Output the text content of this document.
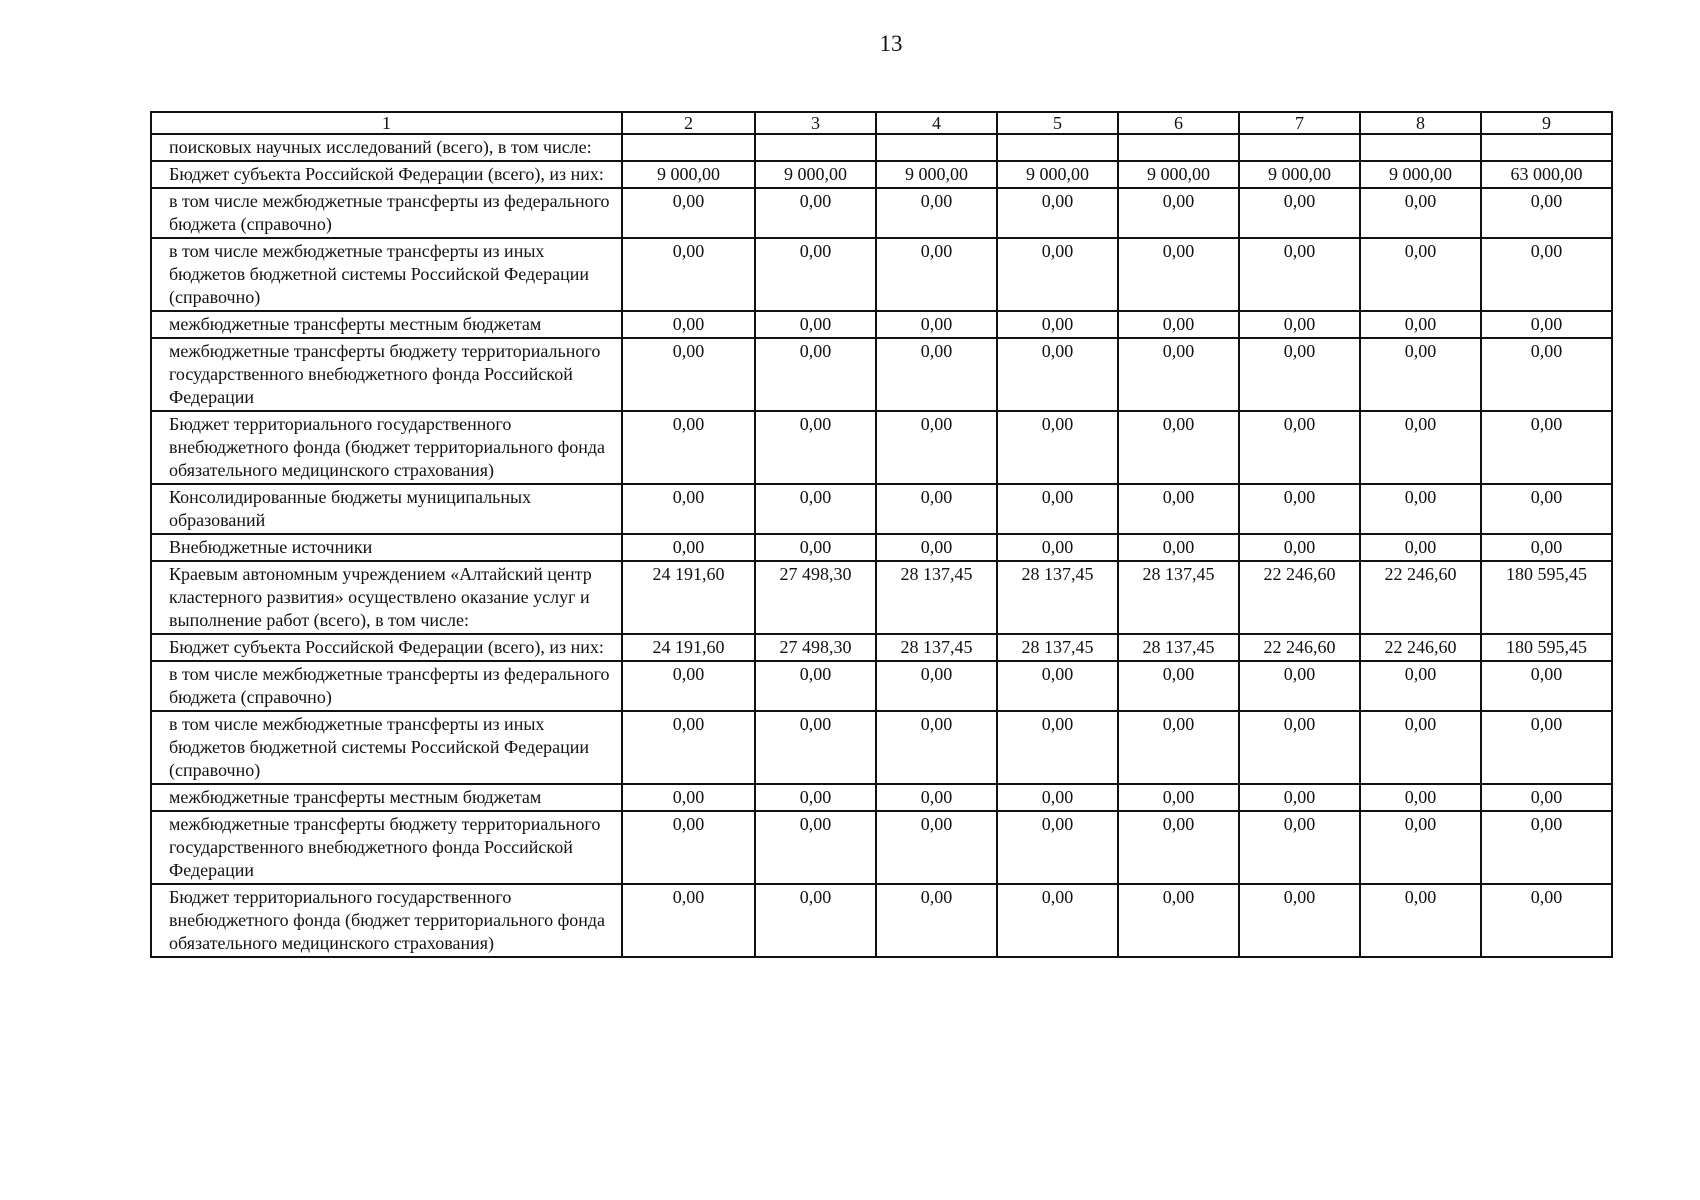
13
1	2	3	4	5	6	7	8	9
поисковых научных исследований (всего), в том числе:								
Бюджет субъекта Российской Федерации (всего), из них:	9 000,00	9 000,00	9 000,00	9 000,00	9 000,00	9 000,00	9 000,00	63 000,00
в том числе межбюджетные трансферты из федерального бюджета (справочно)	0,00	0,00	0,00	0,00	0,00	0,00	0,00	0,00
в том числе межбюджетные трансферты из иных бюджетов бюджетной системы Российской Федерации (справочно)	0,00	0,00	0,00	0,00	0,00	0,00	0,00	0,00
межбюджетные трансферты местным бюджетам	0,00	0,00	0,00	0,00	0,00	0,00	0,00	0,00
межбюджетные трансферты бюджету территориального государственного внебюджетного фонда Российской Федерации	0,00	0,00	0,00	0,00	0,00	0,00	0,00	0,00
Бюджет территориального государственного внебюджетного фонда (бюджет территориального фонда обязательного медицинского страхования)	0,00	0,00	0,00	0,00	0,00	0,00	0,00	0,00
Консолидированные бюджеты муниципальных образований	0,00	0,00	0,00	0,00	0,00	0,00	0,00	0,00
Внебюджетные источники	0,00	0,00	0,00	0,00	0,00	0,00	0,00	0,00
Краевым автономным учреждением «Алтайский центр кластерного развития» осуществлено оказание услуг и выполнение работ (всего), в том числе:	24 191,60	27 498,30	28 137,45	28 137,45	28 137,45	22 246,60	22 246,60	180 595,45
Бюджет субъекта Российской Федерации (всего), из них:	24 191,60	27 498,30	28 137,45	28 137,45	28 137,45	22 246,60	22 246,60	180 595,45
в том числе межбюджетные трансферты из федерального бюджета (справочно)	0,00	0,00	0,00	0,00	0,00	0,00	0,00	0,00
в том числе межбюджетные трансферты из иных бюджетов бюджетной системы Российской Федерации (справочно)	0,00	0,00	0,00	0,00	0,00	0,00	0,00	0,00
межбюджетные трансферты местным бюджетам	0,00	0,00	0,00	0,00	0,00	0,00	0,00	0,00
межбюджетные трансферты бюджету территориального государственного внебюджетного фонда Российской Федерации	0,00	0,00	0,00	0,00	0,00	0,00	0,00	0,00
Бюджет территориального государственного внебюджетного фонда (бюджет территориального фонда обязательного медицинского страхования)	0,00	0,00	0,00	0,00	0,00	0,00	0,00	0,00
